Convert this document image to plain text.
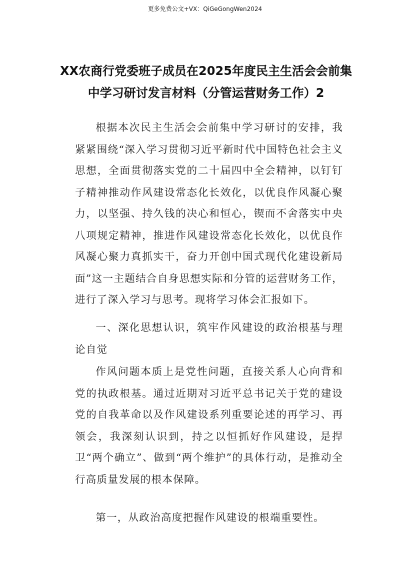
更多免费公文+VX：QiGeGongWen2024
XX农商行党委班子成员在2025年度民主生活会会前集中学习研讨发言材料（分管运营财务工作）2

根据本次民主生活会会前集中学习研讨的安排，我紧紧围绕“深入学习贯彻习近平新时代中国特色社会主义思想，全面贯彻落实党的二十届四中全会精神，以钉钉子精神推动作风建设常态化长效化，以优良作风凝心聚力，以坚强、持久钱的决心和恒心，锲而不舍落实中央八项规定精神，推进作风建设常态化长效化，以优良作风凝心聚力真抓实干，奋力开创中国式现代化建设新局面”这一主题结合自身思想实际和分管的运营财务工作，进行了深入学习与思考。现将学习体会汇报如下。

一、深化思想认识，筑牢作风建设的政治根基与理论自觉

作风问题本质上是党性问题，直接关系人心向背和党的执政根基。通过近期对习近平总书记关于党的建设党的自我革命以及作风建设系列重要论述的再学习、再领会，我深刻认识到，持之以恒抓好作风建设，是捍卫“两个确立”、做到“两个维护”的具体行动，是推动全行高质量发展的根本保障。

第一，从政治高度把握作风建设的根端重要性。
